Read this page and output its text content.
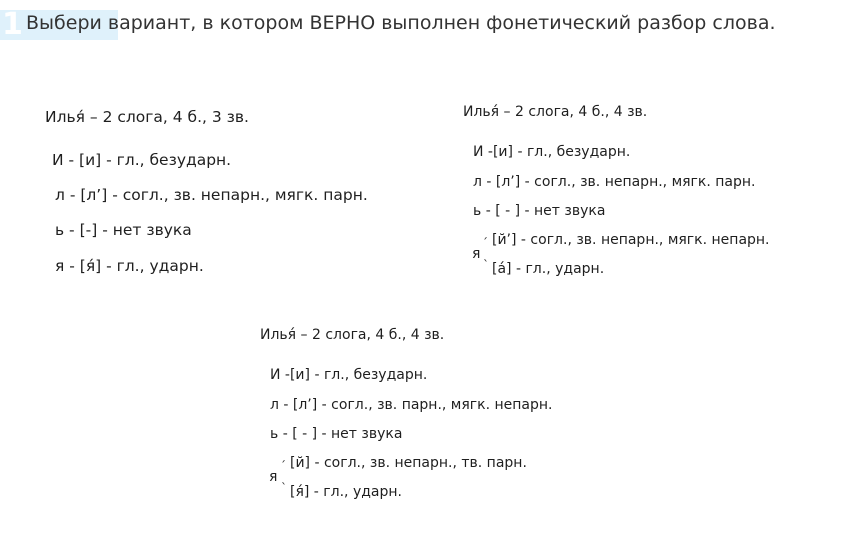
1 Выбери вариант, в котором ВЕРНО выполнен фонетический разбор слова.
Илья́ – 2 слога, 4 б., 3 зв.
И - [и] - гл., безударн.
л - [л’] - согл., зв. непарн., мягк. парн.
ь - [-] - нет звука
я - [я́] - гл., ударн.
Илья́ – 2 слога, 4 б., 4 зв.
И -[и] - гл., безударн.
л - [л’] - согл., зв. непарн., мягк. парн.
ь - [ - ] - нет звука
я
ˊ
ˋ
[й’] - согл., зв. непарн., мягк. непарн.
[а́] - гл., ударн.
Илья́ – 2 слога, 4 б., 4 зв.
И -[и] - гл., безударн.
л - [л’] - согл., зв. парн., мягк. непарн.
ь - [ - ] - нет звука
я
ˊ
ˋ
[й] - согл., зв. непарн., тв. парн.
[я́] - гл., ударн.
